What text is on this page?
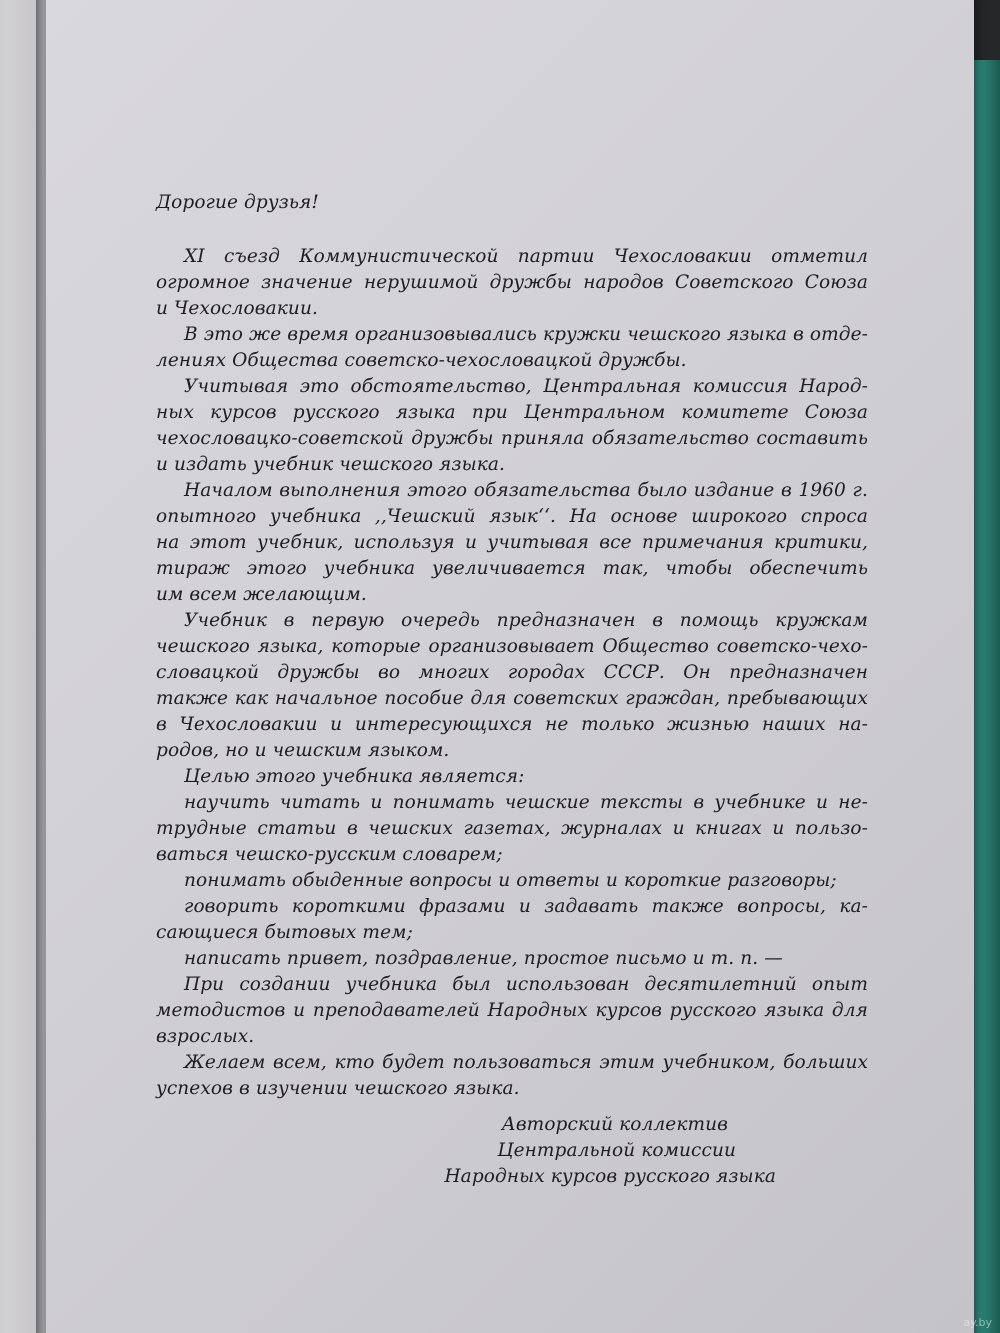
Дорогие друзья!
XI съезд Коммунистической партии Чехословакии отметил
огромное значение нерушимой дружбы народов Советского Союза
и Чехословакии.
В это же время организовывались кружки чешского языка в отде-
лениях Общества советско-чехословацкой дружбы.
Учитывая это обстоятельство, Центральная комиссия Народ-
ных курсов русского языка при Центральном комитете Союза
чехословацко-советской дружбы приняла обязательство составить
и издать учебник чешского языка.
Началом выполнения этого обязательства было издание в 1960 г.
опытного учебника ,,Чешский язык‘‘. На основе широкого спроса
на этот учебник, используя и учитывая все примечания критики,
тираж этого учебника увеличивается так, чтобы обеспечить
им всем желающим.
Учебник в первую очередь предназначен в помощь кружкам
чешского языка, которые организовывает Общество советско-чехо-
словацкой дружбы во многих городах СССР. Он предназначен
также как начальное пособие для советских граждан, пребывающих
в Чехословакии и интересующихся не только жизнью наших на-
родов, но и чешским языком.
Целью этого учебника является:
научить читать и понимать чешские тексты в учебнике и не-
трудные статьи в чешских газетах, журналах и книгах и пользо-
ваться чешско-русским словарем;
понимать обыденные вопросы и ответы и короткие разговоры;
говорить короткими фразами и задавать также вопросы, ка-
сающиеся бытовых тем;
написать привет, поздравление, простое письмо и т. п. —
При создании учебника был использован десятилетний опыт
методистов и преподавателей Народных курсов русского языка для
взрослых.
Желаем всем, кто будет пользоваться этим учебником, больших
успехов в изучении чешского языка.
Авторский коллектив
Центральной комиссии
Народных курсов русского языка
ay.by
